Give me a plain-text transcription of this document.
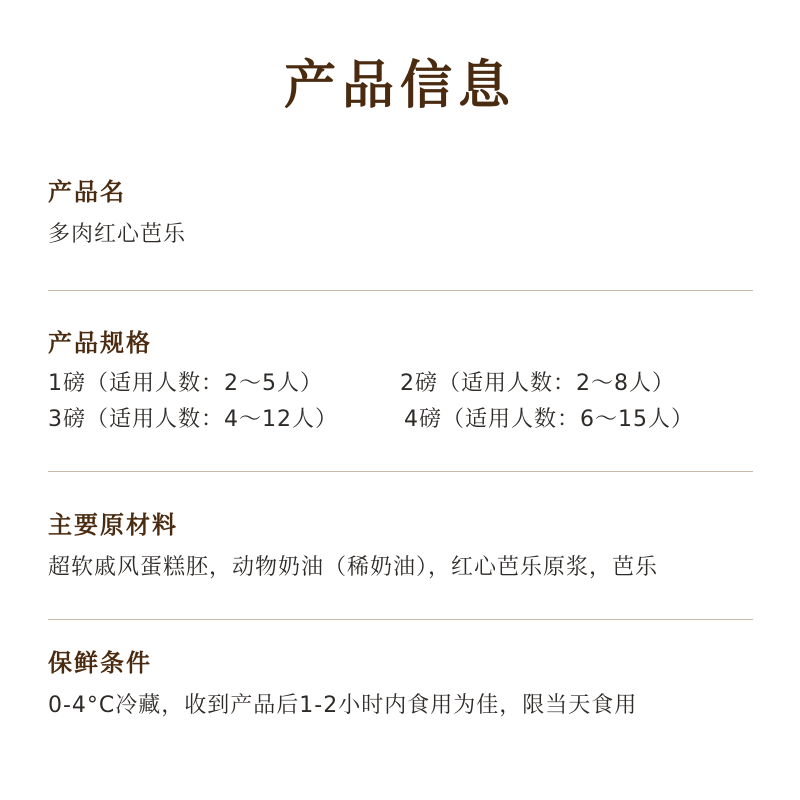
产品信息
产品名
多肉红心芭乐
产品规格
1磅（适用人数：2～5人）	2磅（适用人数：2～8人）
3磅（适用人数：4～12人）	4磅（适用人数：6～15人）
主要原材料
超软戚风蛋糕胚，动物奶油（稀奶油），红心芭乐原浆，芭乐
保鲜条件
0-4°C冷藏，收到产品后1-2小时内食用为佳，限当天食用
